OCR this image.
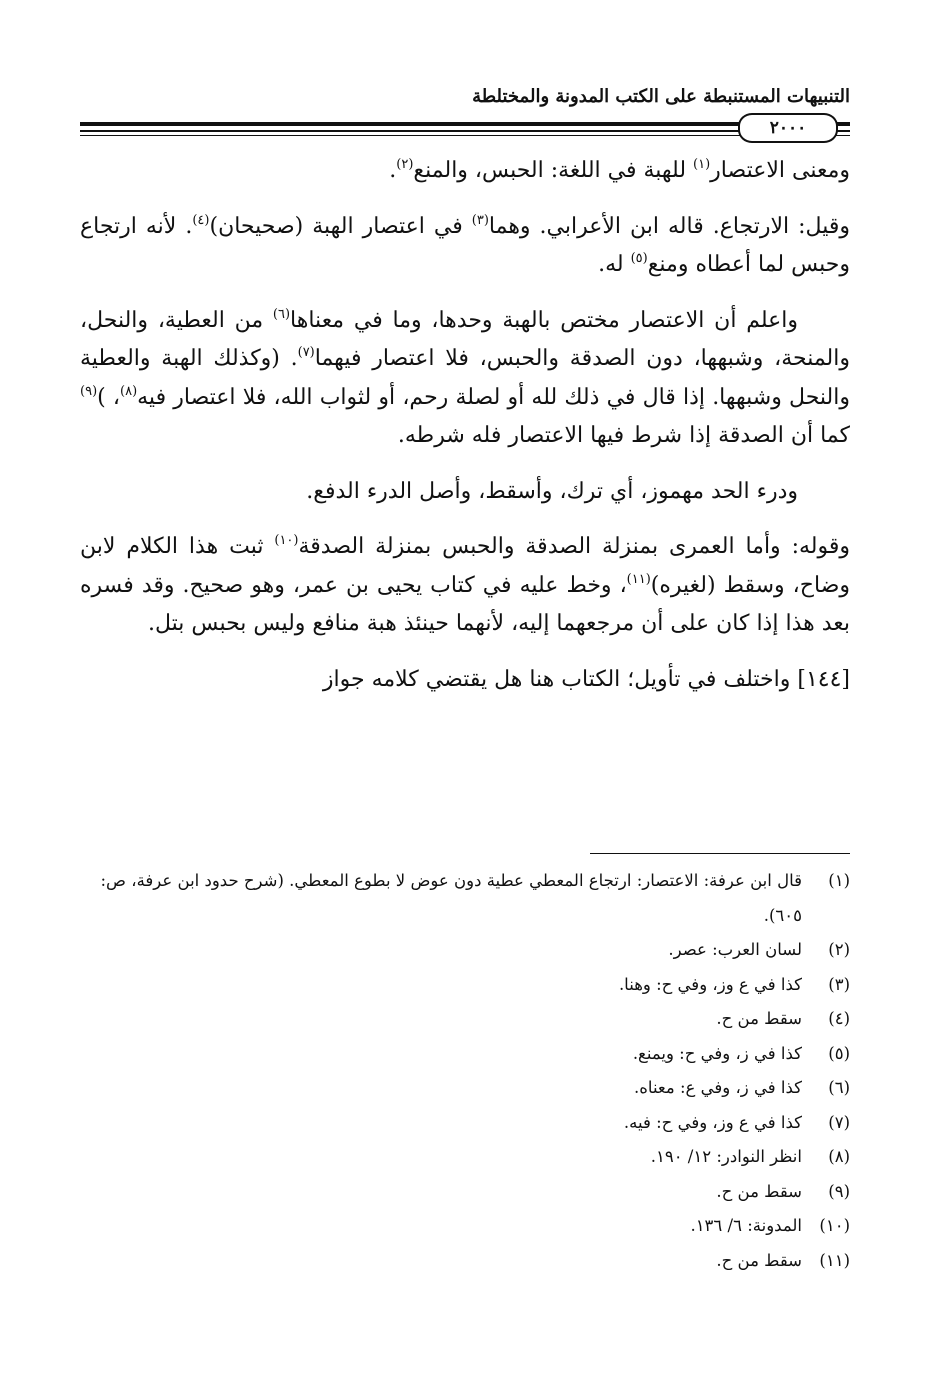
التنبيهات المستنبطة على الكتب المدونة والمختلطة
٢٠٠٠

ومعنى الاعتصار$^{(١)}$ للهبة في اللغة: الحبس، والمنع$^{(٢)}$.

وقيل: الارتجاع. قاله ابن الأعرابي. وهما$^{(٣)}$ في اعتصار الهبة (صحيحان)$^{(٤)}$. لأنه ارتجاع وحبس لما أعطاه ومنع$^{(٥)}$ له.

واعلم أن الاعتصار مختص بالهبة وحدها، وما في معناها$^{(٦)}$ من العطية، والنحل، والمنحة، وشبهها، دون الصدقة والحبس، فلا اعتصار فيهما$^{(٧)}$. (وكذلك الهبة والعطية والنحل وشبهها. إذا قال في ذلك لله أو لصلة رحم، أو لثواب الله، فلا اعتصار فيه$^{(٨)}$، )$^{(٩)}$ كما أن الصدقة إذا شرط فيها الاعتصار فله شرطه.

ودرء الحد مهموز، أي ترك، وأسقط، وأصل الدرء الدفع.

وقوله: وأما العمرى بمنزلة الصدقة والحبس بمنزلة الصدقة$^{(١٠)}$ ثبت هذا الكلام لابن وضاح، وسقط (لغيره)$^{(١١)}$، وخط عليه في كتاب يحيى بن عمر، وهو صحيح. وقد فسره بعد هذا إذا كان على أن مرجعهما إليه، لأنهما حينئذ هبة منافع وليس بحبس بتل.

[١٤٤] واختلف في تأويل؛ الكتاب هنا هل يقتضي كلامه جواز

(١)
قال ابن عرفة: الاعتصار: ارتجاع المعطي عطية دون عوض لا بطوع المعطي. (شرح حدود ابن عرفة، ص: ٦٠٥).
(٢)
لسان العرب: عصر.
(٣)
كذا في ع وز، وفي ح: وهنا.
(٤)
سقط من ح.
(٥)
كذا في ز، وفي ح: ويمنع.
(٦)
كذا في ز، وفي ع: معناه.
(٧)
كذا في ع وز، وفي ح: فيه.
(٨)
انظر النوادر: ١٢/ ١٩٠.
(٩)
سقط من ح.
(١٠)
المدونة: ٦/ ١٣٦.
(١١)
سقط من ح.
